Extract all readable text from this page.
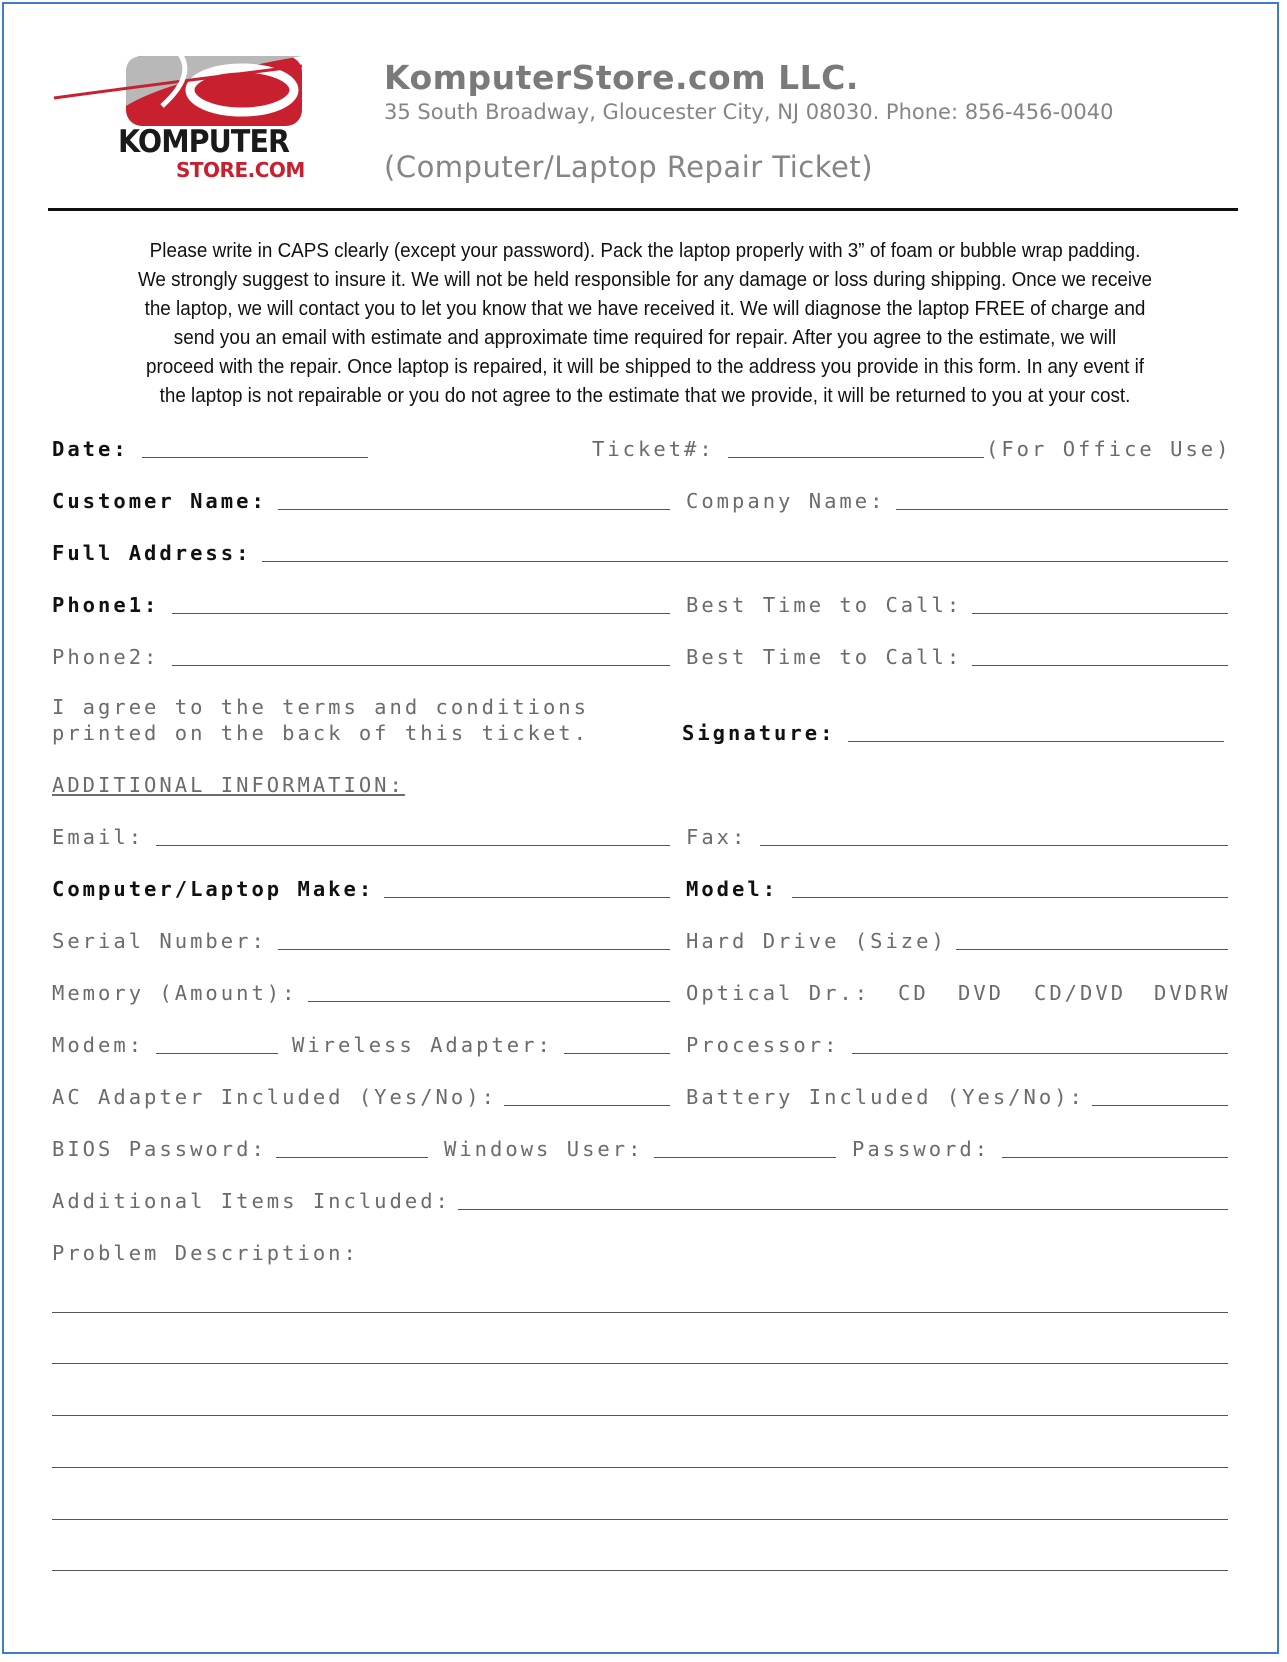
KOMPUTER
STORE.COM
KomputerStore.com LLC.
35 South Broadway, Gloucester City, NJ 08030. Phone: 856-456-0040
(Computer/Laptop Repair Ticket)
Please write in CAPS clearly (except your password). Pack the laptop properly with 3” of foam or bubble wrap padding.
We strongly suggest to insure it. We will not be held responsible for any damage or loss during shipping. Once we receive
the laptop, we will contact you to let you know that we have received it. We will diagnose the laptop FREE of charge and
send you an email with estimate and approximate time required for repair. After you agree to the estimate, we will
proceed with the repair. Once laptop is repaired, it will be shipped to the address you provide in this form. In any event if
the laptop is not repairable or you do not agree to the estimate that we provide, it will be returned to you at your cost.
Date:	Ticket#:	(For Office Use)
Customer Name:	Company Name:
Full Address:
Phone1:	Best Time to Call:
Phone2:	Best Time to Call:
I agree to the terms and conditions
printed on the back of this ticket.	Signature:
ADDITIONAL INFORMATION:
Email:	Fax:
Computer/Laptop Make:	Model:
Serial Number:	Hard Drive (Size)
Memory (Amount):	Optical Dr.: CD DVD CD/DVD DVDRW
Modem:	Wireless Adapter:	Processor:
AC Adapter Included (Yes/No):	Battery Included (Yes/No):
BIOS Password:	Windows User:	Password:
Additional Items Included:
Problem Description:
